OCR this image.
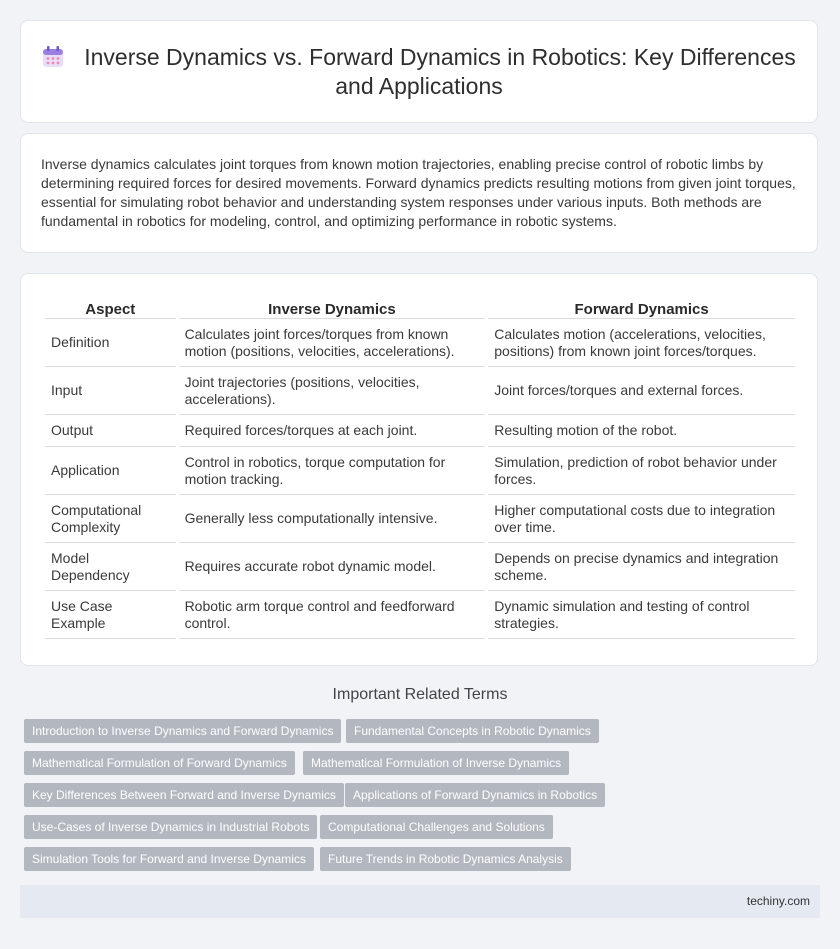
Inverse Dynamics vs. Forward Dynamics in Robotics: Key Differences and Applications
Inverse dynamics calculates joint torques from known motion trajectories, enabling precise control of robotic limbs by determining required forces for desired movements. Forward dynamics predicts resulting motions from given joint torques, essential for simulating robot behavior and understanding system responses under various inputs. Both methods are fundamental in robotics for modeling, control, and optimizing performance in robotic systems.
Aspect	Inverse Dynamics	Forward Dynamics
Definition	Calculates joint forces/torques from known motion (positions, velocities, accelerations).	Calculates motion (accelerations, velocities, positions) from known joint forces/torques.
Input	Joint trajectories (positions, velocities, accelerations).	Joint forces/torques and external forces.
Output	Required forces/torques at each joint.	Resulting motion of the robot.
Application	Control in robotics, torque computation for motion tracking.	Simulation, prediction of robot behavior under forces.
Computational Complexity	Generally less computationally intensive.	Higher computational costs due to integration over time.
Model Dependency	Requires accurate robot dynamic model.	Depends on precise dynamics and integration scheme.
Use Case Example	Robotic arm torque control and feedforward control.	Dynamic simulation and testing of control strategies.
Important Related Terms
Introduction to Inverse Dynamics and Forward Dynamics	Fundamental Concepts in Robotic Dynamics
Mathematical Formulation of Forward Dynamics	Mathematical Formulation of Inverse Dynamics
Key Differences Between Forward and Inverse Dynamics	Applications of Forward Dynamics in Robotics
Use-Cases of Inverse Dynamics in Industrial Robots	Computational Challenges and Solutions
Simulation Tools for Forward and Inverse Dynamics	Future Trends in Robotic Dynamics Analysis
techiny.com
